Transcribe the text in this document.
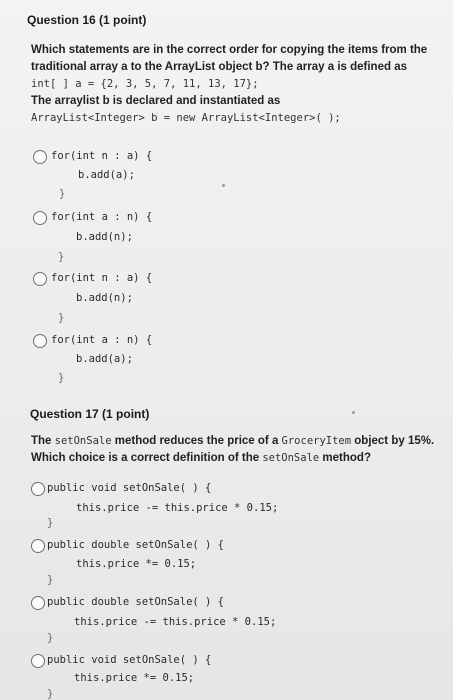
Question 16 (1 point)
Which statements are in the correct order for copying the items from the
traditional array a to the ArrayList object b? The array a is defined as
int[ ] a = {2, 3, 5, 7, 11, 13, 17};
The arraylist b is declared and instantiated as
ArrayList<Integer> b = new ArrayList<Integer>( );
for(int n : a) {
b.add(a);
}
for(int a : n) {
b.add(n);
}
for(int n : a) {
b.add(n);
}
for(int a : n) {
b.add(a);
}
Question 17 (1 point)
The setOnSale method reduces the price of a GroceryItem object by 15%.
Which choice is a correct definition of the setOnSale method?
public void setOnSale( ) {
this.price -= this.price * 0.15;
}
public double setOnSale( ) {
this.price *= 0.15;
}
public double setOnSale( ) {
this.price -= this.price * 0.15;
}
public void setOnSale( ) {
this.price *= 0.15;
}
